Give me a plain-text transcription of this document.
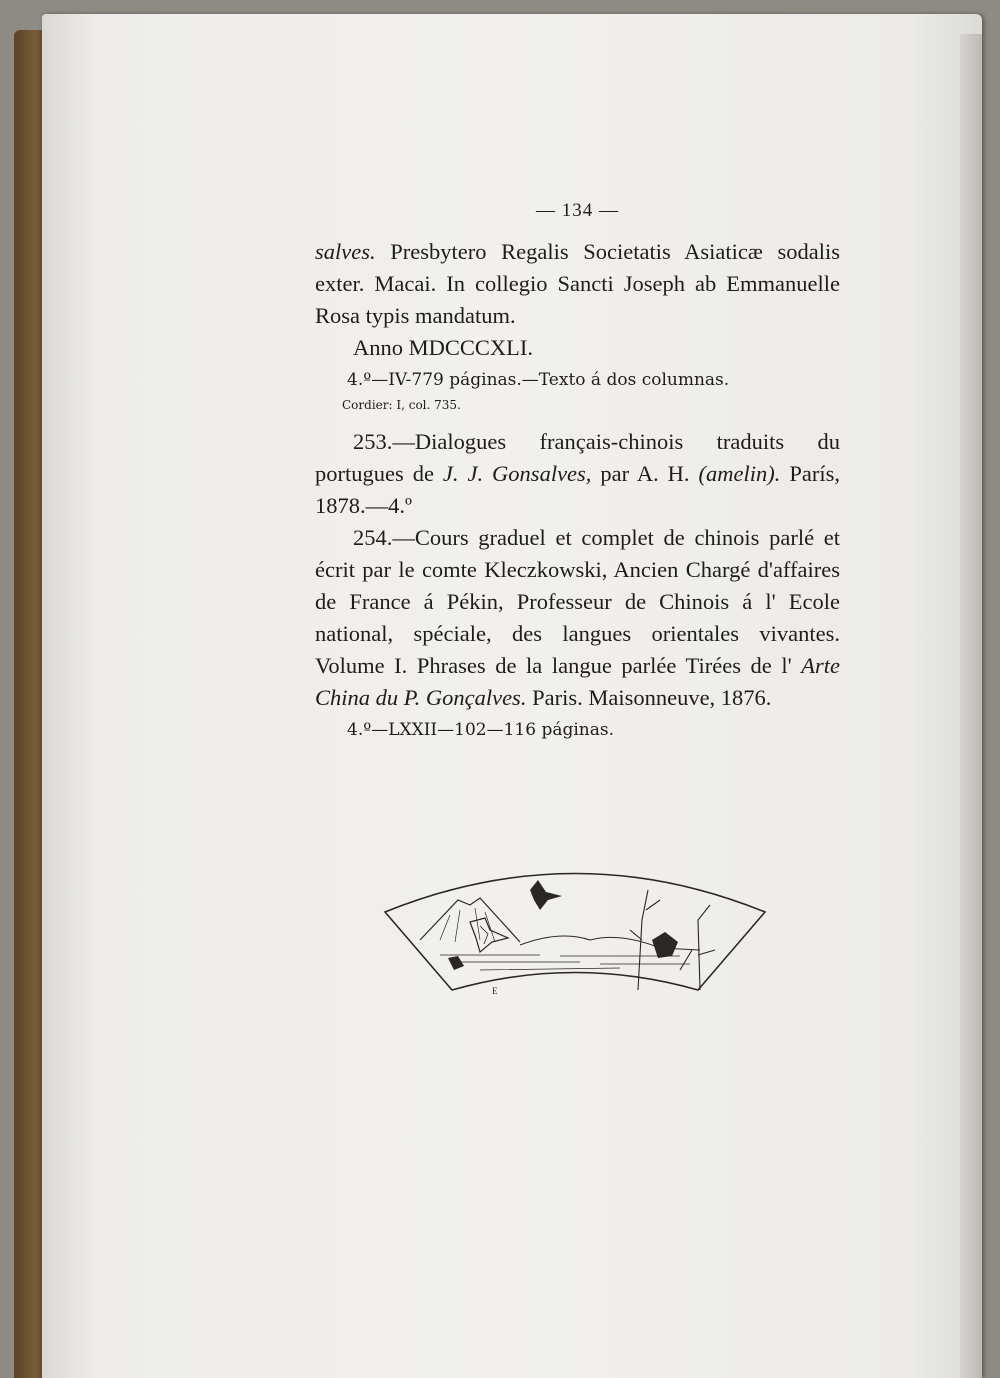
— 134 —

salves. Presbytero Regalis Societatis Asiaticæ sodalis exter. Macai. In collegio Sancti Joseph ab Emmanuelle Rosa typis mandatum.

Anno MDCCCXLI.

4.º—IV-779 páginas.—Texto á dos columnas.

Cordier: I, col. 735.

253.—Dialogues français-chinois traduits du portugues de J. J. Gonsalves, par A. H. (amelin). París, 1878.—4.º

254.—Cours graduel et complet de chinois parlé et écrit par le comte Kleczkowski, Ancien Chargé d'affaires de France á Pékin, Professeur de Chinois á l' Ecole national, spéciale, des langues orientales vivantes. Volume I. Phrases de la langue parlée Tirées de l' Arte China du P. Gonçalves. Paris. Maisonneuve, 1876.

4.º—LXXII—102—116 páginas.

E
